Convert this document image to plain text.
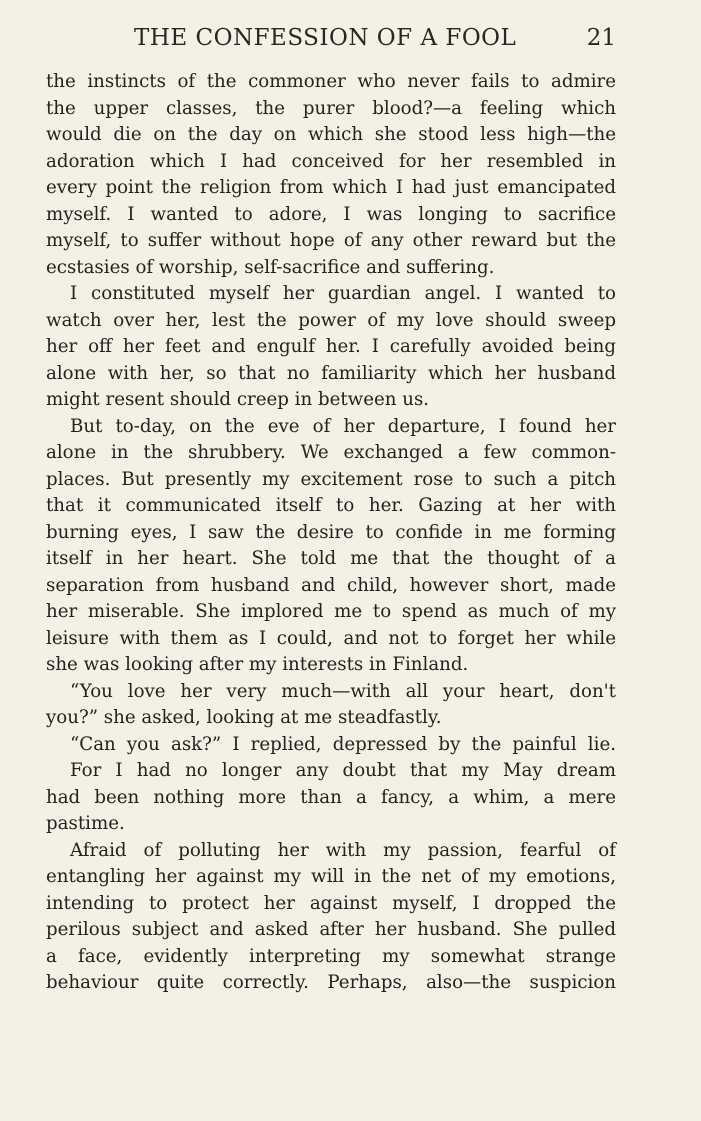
THE CONFESSION OF A FOOL	21
the instincts of the commoner who never fails to admire
the upper classes, the purer blood?—a feeling which
would die on the day on which she stood less high—the
adoration which I had conceived for her resembled in
every point the religion from which I had just emancipated
myself. I wanted to adore, I was longing to sacrifice
myself, to suffer without hope of any other reward but the
ecstasies of worship, self-sacrifice and suffering.
I constituted myself her guardian angel. I wanted to
watch over her, lest the power of my love should sweep
her off her feet and engulf her. I carefully avoided being
alone with her, so that no familiarity which her husband
might resent should creep in between us.
But to-day, on the eve of her departure, I found her
alone in the shrubbery. We exchanged a few common-
places. But presently my excitement rose to such a pitch
that it communicated itself to her. Gazing at her with
burning eyes, I saw the desire to confide in me forming
itself in her heart. She told me that the thought of a
separation from husband and child, however short, made
her miserable. She implored me to spend as much of my
leisure with them as I could, and not to forget her while
she was looking after my interests in Finland.
“You love her very much—with all your heart, don't
you?” she asked, looking at me steadfastly.
“Can you ask?” I replied, depressed by the painful lie.
For I had no longer any doubt that my May dream
had been nothing more than a fancy, a whim, a mere
pastime.
Afraid of polluting her with my passion, fearful of
entangling her against my will in the net of my emotions,
intending to protect her against myself, I dropped the
perilous subject and asked after her husband. She pulled
a face, evidently interpreting my somewhat strange
behaviour quite correctly. Perhaps, also—the suspicion
